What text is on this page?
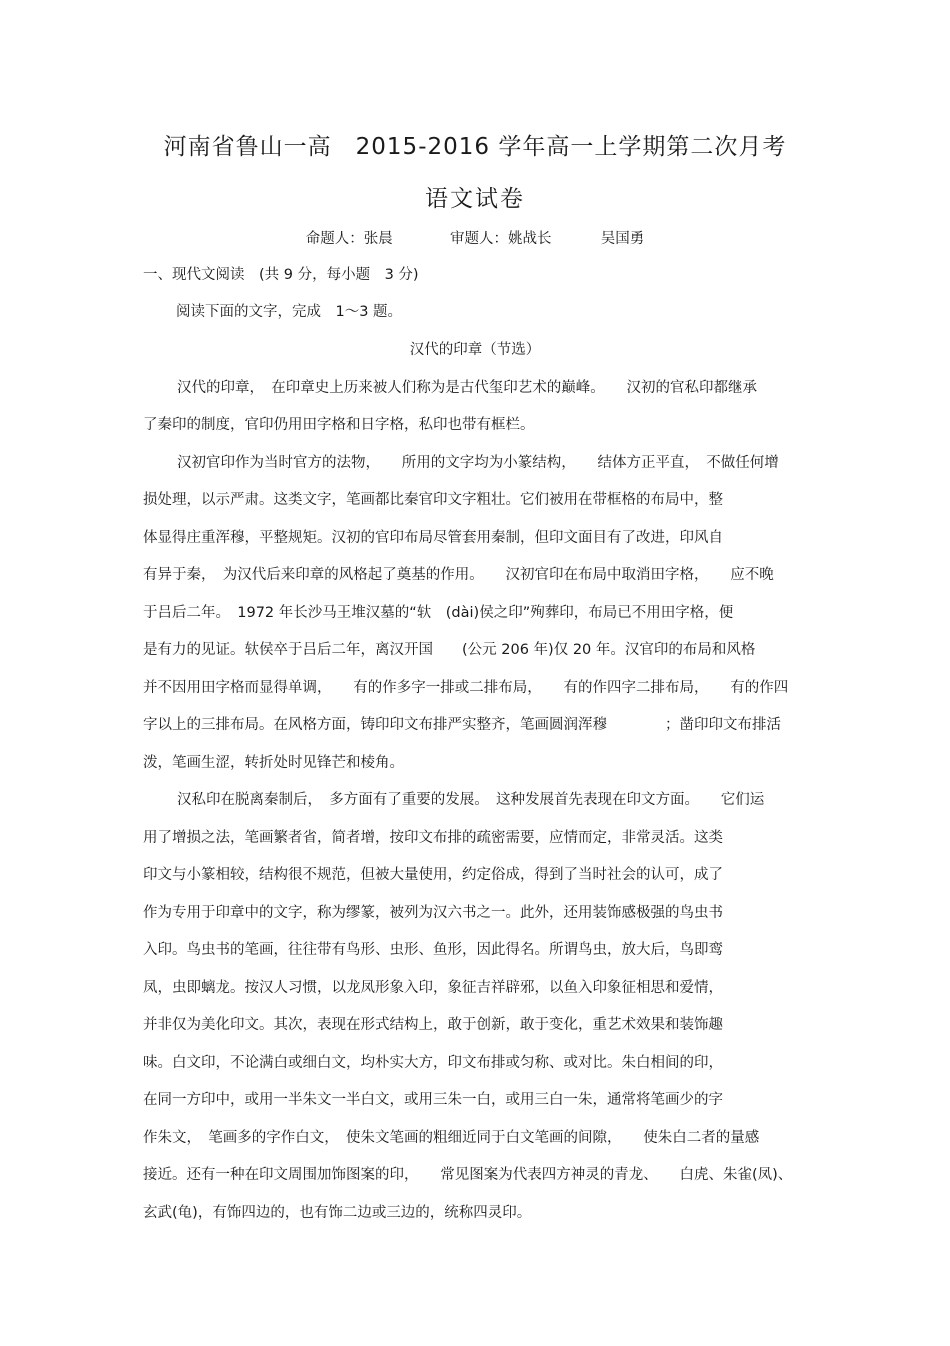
河南省鲁山一高　2015-2016 学年高一上学期第二次月考
语文试卷
命题人：张晨	审题人：姚战长	吴国勇
一、现代文阅读　(共 9 分，每小题　3 分)
阅读下面的文字，完成　1～3 题。
汉代的印章（节选）
汉代的印章，　在印章史上历来被人们称为是古代玺印艺术的巅峰。　　汉初的官私印都继承
了秦印的制度，官印仍用田字格和日字格，私印也带有框栏。
汉初官印作为当时官方的法物，　　所用的文字均为小篆结构，　　结体方正平直，　不做任何增
损处理，以示严肃。这类文字，笔画都比秦官印文字粗壮。它们被用在带框格的布局中，整
体显得庄重浑穆，平整规矩。汉初的官印布局尽管套用秦制，但印文面目有了改进，印风自
有异于秦，　为汉代后来印章的风格起了奠基的作用。　　汉初官印在布局中取消田字格，　　应不晚
于吕后二年。　1972 年长沙马王堆汉墓的“轪　(dài)侯之印”殉葬印，布局已不用田字格，便
是有力的见证。轪侯卒于吕后二年，离汉开国　　(公元 206 年)仅 20 年。汉官印的布局和风格
并不因用田字格而显得单调，　　有的作多字一排或二排布局，　　有的作四字二排布局，　　有的作四
字以上的三排布局。在风格方面，铸印印文布排严实整齐，笔画圆润浑穆　　　　；凿印印文布排活
泼，笔画生涩，转折处时见锋芒和棱角。
汉私印在脱离秦制后，　多方面有了重要的发展。　这种发展首先表现在印文方面。　　它们运
用了增损之法，笔画繁者省，简者增，按印文布排的疏密需要，应情而定，非常灵活。这类
印文与小篆相较，结构很不规范，但被大量使用，约定俗成，得到了当时社会的认可，成了
作为专用于印章中的文字，称为缪篆，被列为汉六书之一。此外，还用装饰感极强的鸟虫书
入印。鸟虫书的笔画，往往带有鸟形、虫形、鱼形，因此得名。所谓鸟虫，放大后，鸟即鸾
凤，虫即螭龙。按汉人习惯，以龙凤形象入印，象征吉祥辟邪，以鱼入印象征相思和爱情，
并非仅为美化印文。其次，表现在形式结构上，敢于创新，敢于变化，重艺术效果和装饰趣
味。白文印，不论满白或细白文，均朴实大方，印文布排或匀称、或对比。朱白相间的印，
在同一方印中，或用一半朱文一半白文，或用三朱一白，或用三白一朱，通常将笔画少的字
作朱文，　笔画多的字作白文，　使朱文笔画的粗细近同于白文笔画的间隙，　　使朱白二者的量感
接近。还有一种在印文周围加饰图案的印，　　常见图案为代表四方神灵的青龙、　　白虎、朱雀(凤)、
玄武(龟)，有饰四边的，也有饰二边或三边的，统称四灵印。
